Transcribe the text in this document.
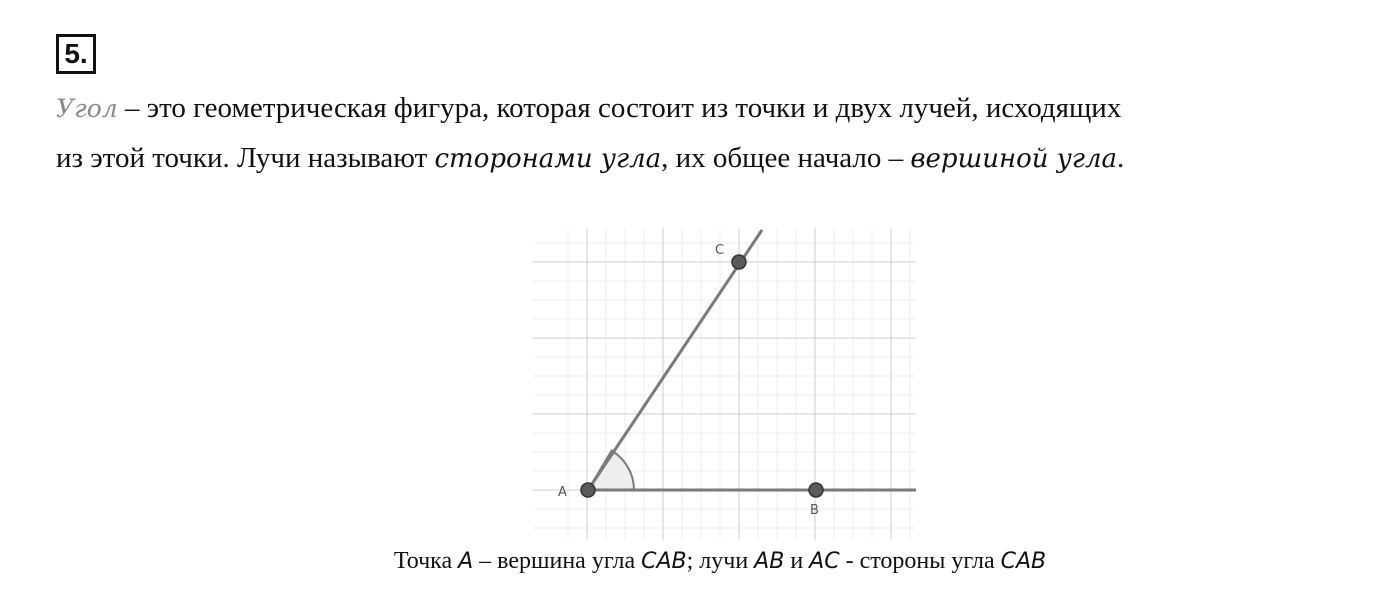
5.
Угол – это геометрическая фигура, которая состоит из точки и двух лучей, исходящих
из этой точки. Лучи называют сторонами угла, их общее начало – вершиной угла.
A
B
C
Точка A – вершина угла CAB; лучи AB и AC - стороны угла CAB
